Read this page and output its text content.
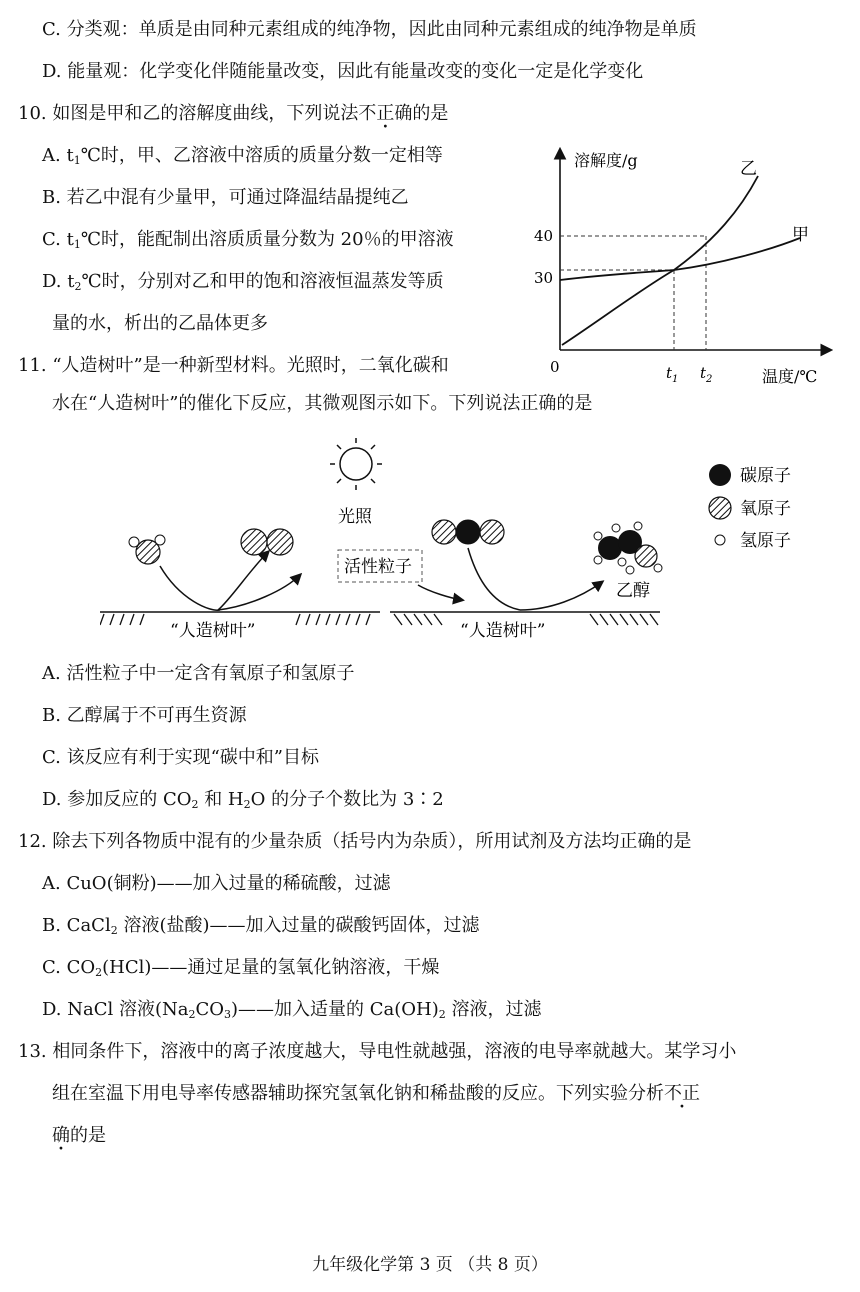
C. 分类观：单质是由同种元素组成的纯净物，因此由同种元素组成的纯净物是单质
D. 能量观：化学变化伴随能量改变，因此有能量改变的变化一定是化学变化
10. 如图是甲和乙的溶解度曲线，下列说法不正确的是
A. $t_1℃$时，甲、乙溶液中溶质的质量分数一定相等
B. 若乙中混有少量甲，可通过降温结晶提纯乙
C. $t_1℃$时，能配制出溶质质量分数为 20％的甲溶液
D. $t_2℃$时，分别对乙和甲的饱和溶液恒温蒸发等质
量的水，析出的乙晶体更多
11. “人造树叶”是一种新型材料。光照时，二氧化碳和
水在“人造树叶”的催化下反应，其微观图示如下。下列说法正确的是
溶解度/g
温度/℃
0
40
30
乙
甲
$t_1$ $t_2$
光照
活性粒子
乙醇
碳原子
氧原子
氢原子
“人造树叶”	“人造树叶”
A. 活性粒子中一定含有氧原子和氢原子
B. 乙醇属于不可再生资源
C. 该反应有利于实现“碳中和”目标
D. 参加反应的 $CO_2$ 和 $H_2O$ 的分子个数比为 3∶2
12. 除去下列各物质中混有的少量杂质（括号内为杂质），所用试剂及方法均正确的是
A. CuO(铜粉)——加入过量的稀硫酸，过滤
B. CaCl$_2$ 溶液(盐酸)——加入过量的碳酸钙固体，过滤
C. $CO_2(HCl)——$通过足量的氢氧化钠溶液，干燥
D. NaCl 溶液$(Na_2CO_3)——$加入适量的 $Ca(OH)_2$ 溶液，过滤
13. 相同条件下，溶液中的离子浓度越大，导电性就越强，溶液的电导率就越大。某学习小
组在室温下用电导率传感器辅助探究氢氧化钠和稀盐酸的反应。下列实验分析不正
确的是
九年级化学第 3 页 （共 8 页）
